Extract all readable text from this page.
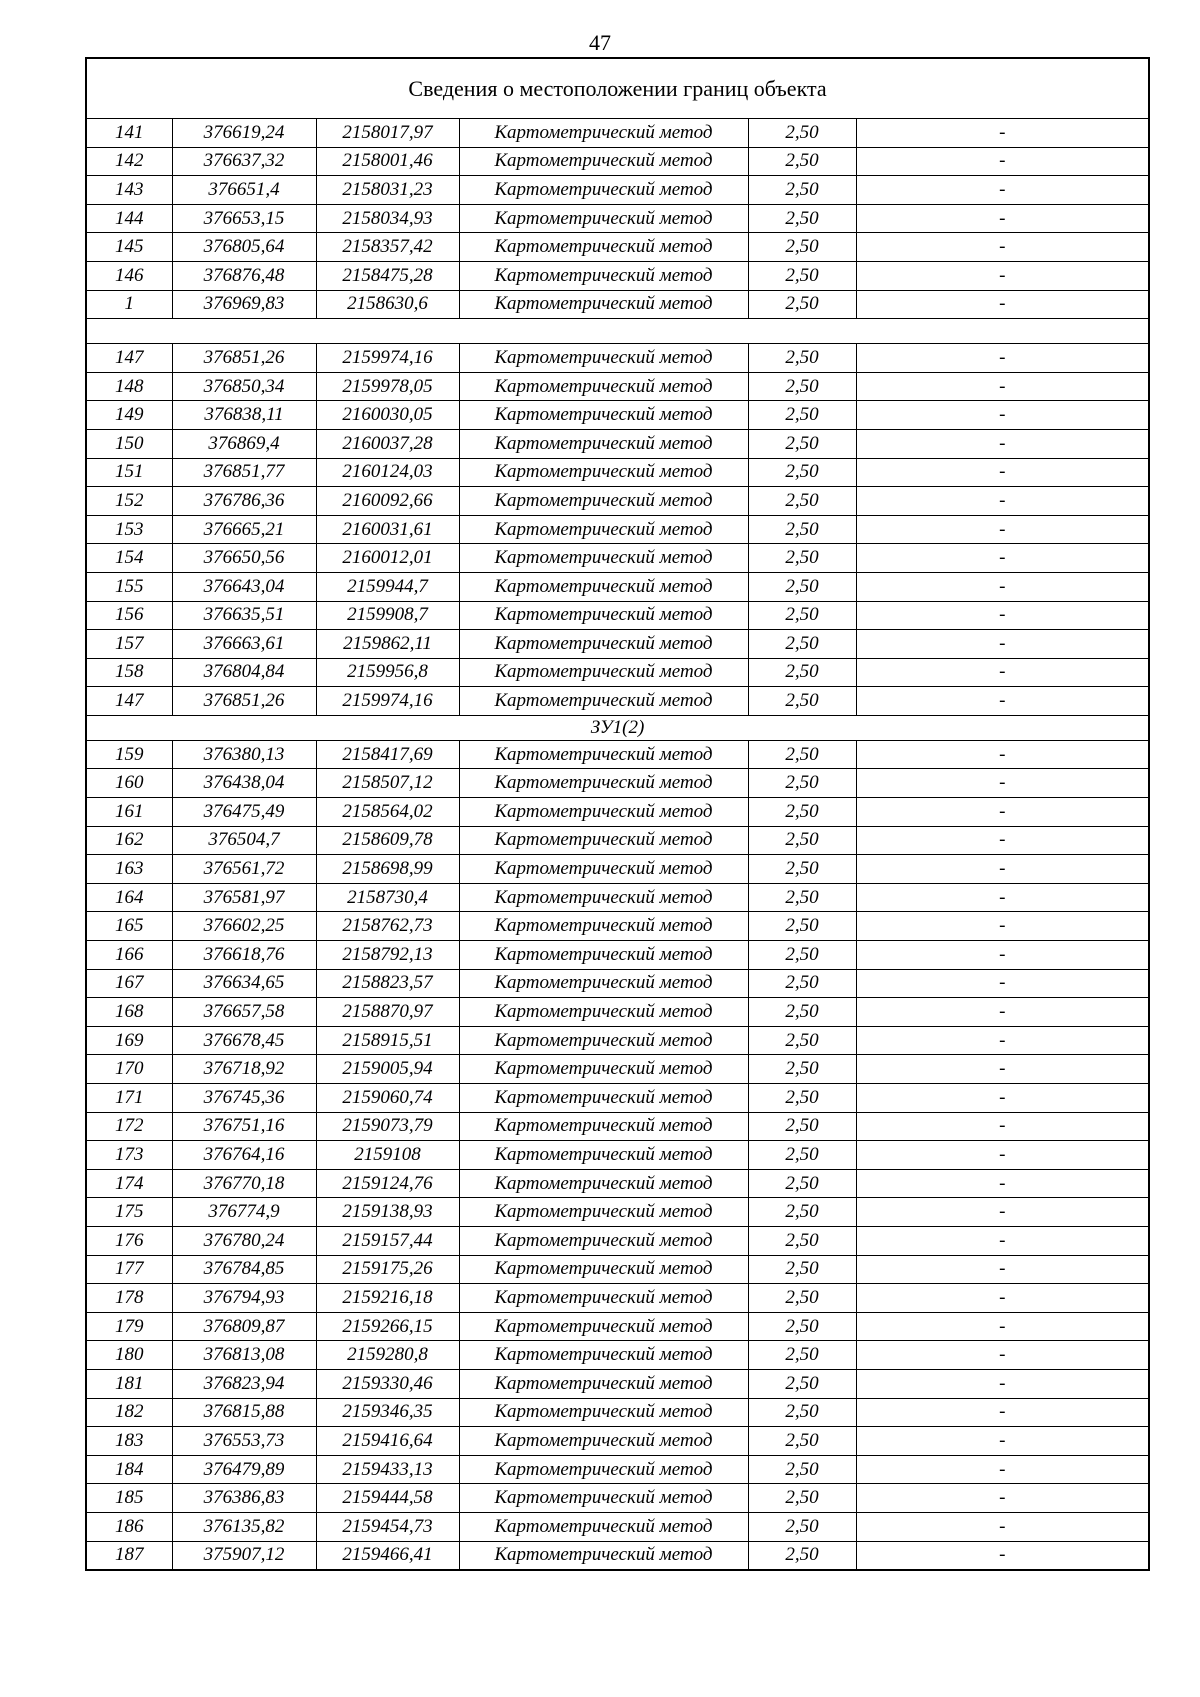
47
Сведения о местоположении границ объекта					
141	376619,24	2158017,97	Картометрический метод	2,50	-
142	376637,32	2158001,46	Картометрический метод	2,50	-
143	376651,4	2158031,23	Картометрический метод	2,50	-
144	376653,15	2158034,93	Картометрический метод	2,50	-
145	376805,64	2158357,42	Картометрический метод	2,50	-
146	376876,48	2158475,28	Картометрический метод	2,50	-
1	376969,83	2158630,6	Картометрический метод	2,50	-

147	376851,26	2159974,16	Картометрический метод	2,50	-
148	376850,34	2159978,05	Картометрический метод	2,50	-
149	376838,11	2160030,05	Картометрический метод	2,50	-
150	376869,4	2160037,28	Картометрический метод	2,50	-
151	376851,77	2160124,03	Картометрический метод	2,50	-
152	376786,36	2160092,66	Картометрический метод	2,50	-
153	376665,21	2160031,61	Картометрический метод	2,50	-
154	376650,56	2160012,01	Картометрический метод	2,50	-
155	376643,04	2159944,7	Картометрический метод	2,50	-
156	376635,51	2159908,7	Картометрический метод	2,50	-
157	376663,61	2159862,11	Картометрический метод	2,50	-
158	376804,84	2159956,8	Картометрический метод	2,50	-
147	376851,26	2159974,16	Картометрический метод	2,50	-
ЗУ1(2)					
159	376380,13	2158417,69	Картометрический метод	2,50	-
160	376438,04	2158507,12	Картометрический метод	2,50	-
161	376475,49	2158564,02	Картометрический метод	2,50	-
162	376504,7	2158609,78	Картометрический метод	2,50	-
163	376561,72	2158698,99	Картометрический метод	2,50	-
164	376581,97	2158730,4	Картометрический метод	2,50	-
165	376602,25	2158762,73	Картометрический метод	2,50	-
166	376618,76	2158792,13	Картометрический метод	2,50	-
167	376634,65	2158823,57	Картометрический метод	2,50	-
168	376657,58	2158870,97	Картометрический метод	2,50	-
169	376678,45	2158915,51	Картометрический метод	2,50	-
170	376718,92	2159005,94	Картометрический метод	2,50	-
171	376745,36	2159060,74	Картометрический метод	2,50	-
172	376751,16	2159073,79	Картометрический метод	2,50	-
173	376764,16	2159108	Картометрический метод	2,50	-
174	376770,18	2159124,76	Картометрический метод	2,50	-
175	376774,9	2159138,93	Картометрический метод	2,50	-
176	376780,24	2159157,44	Картометрический метод	2,50	-
177	376784,85	2159175,26	Картометрический метод	2,50	-
178	376794,93	2159216,18	Картометрический метод	2,50	-
179	376809,87	2159266,15	Картометрический метод	2,50	-
180	376813,08	2159280,8	Картометрический метод	2,50	-
181	376823,94	2159330,46	Картометрический метод	2,50	-
182	376815,88	2159346,35	Картометрический метод	2,50	-
183	376553,73	2159416,64	Картометрический метод	2,50	-
184	376479,89	2159433,13	Картометрический метод	2,50	-
185	376386,83	2159444,58	Картометрический метод	2,50	-
186	376135,82	2159454,73	Картометрический метод	2,50	-
187	375907,12	2159466,41	Картометрический метод	2,50	-
